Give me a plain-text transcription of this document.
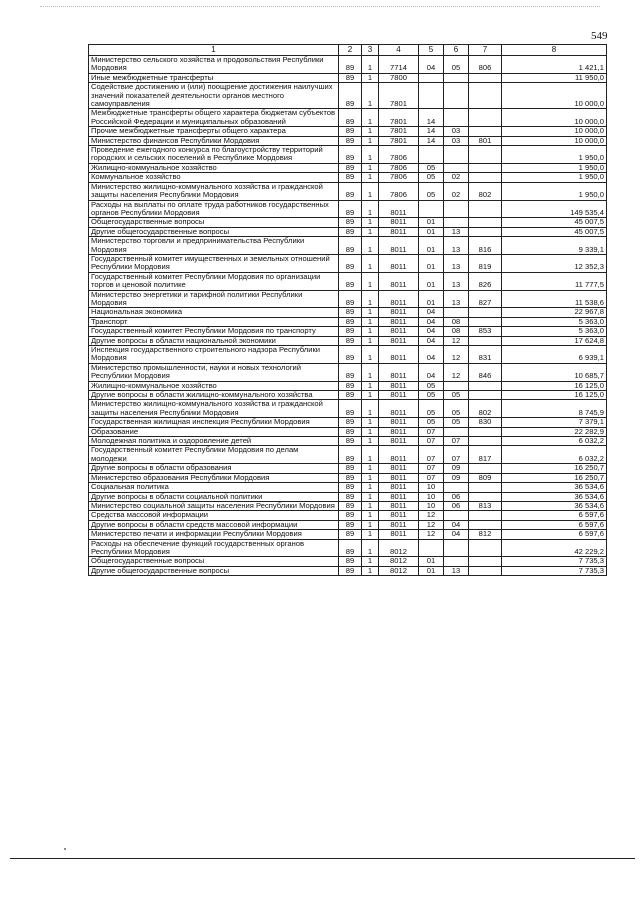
549
1	2	3	4	5	6	7	8
Министерство сельского хозяйства и продовольствия Республики Мордовия	89	1	7714	04	05	806	1 421,1
Иные межбюджетные трансферты	89	1	7800				11 950,0
Содействие достижению и (или) поощрение достижения наилучших значений показателей деятельности органов местного самоуправления	89	1	7801				10 000,0
Межбюджетные трансферты общего характера бюджетам субъектов Российской Федерации и муниципальных образований	89	1	7801	14			10 000,0
Прочие межбюджетные трансферты общего характера	89	1	7801	14	03		10 000,0
Министерство финансов Республики Мордовия	89	1	7801	14	03	801	10 000,0
Проведение ежегодного конкурса по благоустройству территорий городских и сельских поселений в Республике Мордовия	89	1	7806				1 950,0
Жилищно-коммунальное хозяйство	89	1	7806	05			1 950,0
Коммунальное хозяйство	89	1	7806	05	02		1 950,0
Министерство жилищно-коммунального хозяйства и гражданской защиты населения Республики Мордовия	89	1	7806	05	02	802	1 950,0
Расходы на выплаты по оплате труда работников государственных органов Республики Мордовия	89	1	8011				149 535,4
Общегосударственные вопросы	89	1	8011	01			45 007,5
Другие общегосударственные вопросы	89	1	8011	01	13		45 007,5
Министерство торговли и предпринимательства Республики Мордовия	89	1	8011	01	13	816	9 339,1
Государственный комитет имущественных и земельных отношений Республики Мордовия	89	1	8011	01	13	819	12 352,3
Государственный комитет Республики Мордовия по организации торгов и ценовой политике	89	1	8011	01	13	826	11 777,5
Министерство энергетики и тарифной политики Республики Мордовия	89	1	8011	01	13	827	11 538,6
Национальная экономика	89	1	8011	04			22 967,8
Транспорт	89	1	8011	04	08		5 363,0
Государственный комитет Республики Мордовия по транспорту	89	1	8011	04	08	853	5 363,0
Другие вопросы в области национальной экономики	89	1	8011	04	12		17 624,8
Инспекция государственного строительного надзора Республики Мордовия	89	1	8011	04	12	831	6 939,1
Министерство промышленности, науки и новых технологий Республики Мордовия	89	1	8011	04	12	846	10 685,7
Жилищно-коммунальное хозяйство	89	1	8011	05			16 125,0
Другие вопросы в области жилищно-коммунального хозяйства	89	1	8011	05	05		16 125,0
Министерство жилищно-коммунального хозяйства и гражданской защиты населения Республики Мордовия	89	1	8011	05	05	802	8 745,9
Государственная жилищная инспекция Республики Мордовия	89	1	8011	05	05	830	7 379,1
Образование	89	1	8011	07			22 282,9
Молодежная политика и оздоровление детей	89	1	8011	07	07		6 032,2
Государственный комитет Республики Мордовия по делам молодежи	89	1	8011	07	07	817	6 032,2
Другие вопросы в области образования	89	1	8011	07	09		16 250,7
Министерство образования Республики Мордовия	89	1	8011	07	09	809	16 250,7
Социальная политика	89	1	8011	10			36 534,6
Другие вопросы в области социальной политики	89	1	8011	10	06		36 534,6
Министерство социальной защиты населения Республики Мордовия	89	1	8011	10	06	813	36 534,6
Средства массовой информации	89	1	8011	12			6 597,6
Другие вопросы в области средств массовой информации	89	1	8011	12	04		6 597,6
Министерство печати и информации Республики Мордовия	89	1	8011	12	04	812	6 597,6
Расходы на обеспечение функций государственных органов Республики Мордовия	89	1	8012				42 229,2
Общегосударственные вопросы	89	1	8012	01			7 735,3
Другие общегосударственные вопросы	89	1	8012	01	13		7 735,3
